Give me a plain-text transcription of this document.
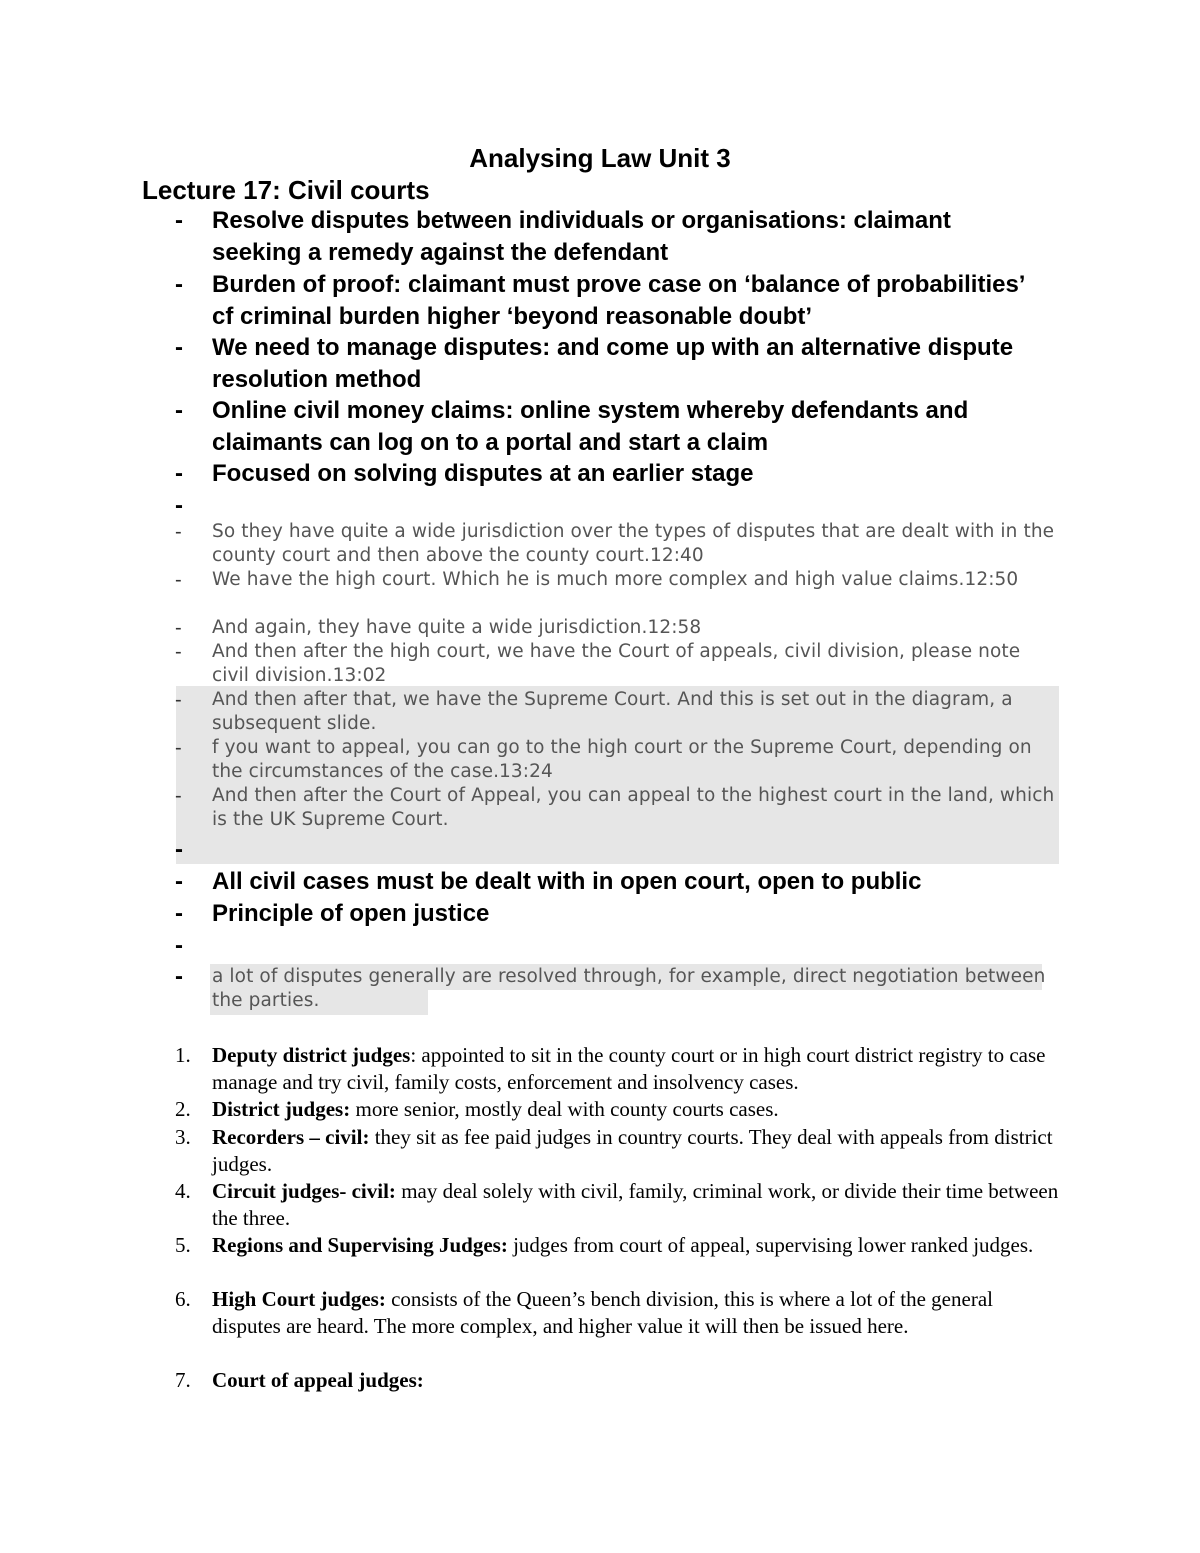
Analysing Law Unit 3
Lecture 17: Civil courts
- Resolve disputes between individuals or organisations: claimant seeking a remedy against the defendant
- Burden of proof: claimant must prove case on ‘balance of probabilities’ cf criminal burden higher ‘beyond reasonable doubt’
- We need to manage disputes: and come up with an alternative dispute resolution method
- Online civil money claims: online system whereby defendants and claimants can log on to a portal and start a claim
- Focused on solving disputes at an earlier stage
-
- So they have quite a wide jurisdiction over the types of disputes that are dealt with in the county court and then above the county court.12:40
- We have the high court. Which he is much more complex and high value claims.12:50
- And again, they have quite a wide jurisdiction.12:58
- And then after the high court, we have the Court of appeals, civil division, please note civil division.13:02
- And then after that, we have the Supreme Court. And this is set out in the diagram, a subsequent slide.
- f you want to appeal, you can go to the high court or the Supreme Court, depending on the circumstances of the case.13:24
- And then after the Court of Appeal, you can appeal to the highest court in the land, which is the UK Supreme Court.
-
- All civil cases must be dealt with in open court, open to public
- Principle of open justice
-
- a lot of disputes generally are resolved through, for example, direct negotiation between the parties.
1. Deputy district judges: appointed to sit in the county court or in high court district registry to case manage and try civil, family costs, enforcement and insolvency cases.
2. District judges: more senior, mostly deal with county courts cases.
3. Recorders – civil: they sit as fee paid judges in country courts. They deal with appeals from district judges.
4. Circuit judges- civil: may deal solely with civil, family, criminal work, or divide their time between the three.
5. Regions and Supervising Judges: judges from court of appeal, supervising lower ranked judges.
6. High Court judges: consists of the Queen’s bench division, this is where a lot of the general disputes are heard. The more complex, and higher value it will then be issued here.
7. Court of appeal judges:
